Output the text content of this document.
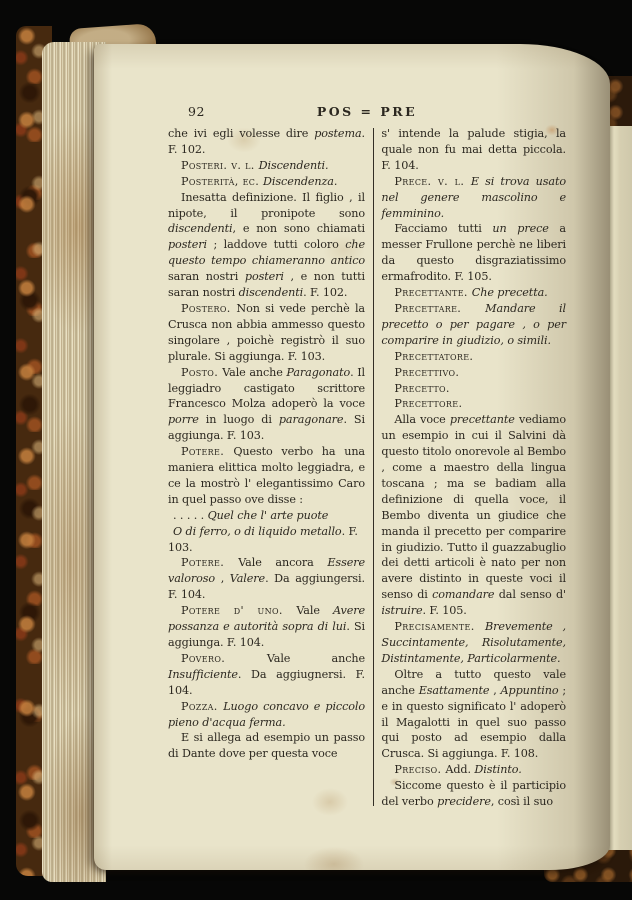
92	POS = PRE

che ivi egli volesse dire postema. F. 102.

Posteri. v. l. Discendenti.

Posterità, ec. Discendenza.

Inesatta definizione. Il figlio , il nipote, il pronipote sono discendenti, e non sono chiamati posteri ; laddove tutti coloro che questo tempo chiameranno antico saran nostri posteri , e non tutti saran nostri discendenti. F. 102.

Postero. Non si vede perchè la Crusca non abbia ammesso questo singolare , poichè registrò il suo plurale. Si aggiunga. F. 103.

Posto. Vale anche Paragonato. Il leggiadro castigato scrittore Francesco Molza adoperò la voce porre in luogo di paragonare. Si aggiunga. F. 103.

Potere. Questo verbo ha una maniera elittica molto leggiadra, e ce la mostrò l' elegantissimo Caro in quel passo ove disse :

. . . . . Quel che l' arte puote

O di ferro, o di liquido metallo. F. 103.

Potere. Vale ancora Essere valoroso , Valere. Da aggiungersi. F. 104.

Potere d' uno. Vale Avere possanza e autorità sopra di lui. Si aggiunga. F. 104.

Povero. Vale anche Insufficiente. Da aggiugnersi. F. 104.

Pozza. Luogo concavo e piccolo pieno d'acqua ferma.

E si allega ad esempio un passo di Dante dove per questa voce

s' intende la palude stigia, la quale non fu mai detta piccola. F. 104.

Prece. v. l. E si trova usato nel genere mascolino e femminino.

Facciamo tutti un prece a messer Frullone perchè ne liberi da questo disgraziatissimo ermafrodito. F. 105.

Precettante. Che precetta.

Precettare. Mandare il precetto o per pagare , o per comparire in giudizio, o simili.

Precettatore.

Precettivo.

Precetto.

Precettore.

Alla voce precettante vediamo un esempio in cui il Salvini dà questo titolo onorevole al Bembo , come a maestro della lingua toscana ; ma se badiam alla definizione di quella voce, il Bembo diventa un giudice che manda il precetto per comparire in giudizio. Tutto il guazzabuglio dei detti articoli è nato per non avere distinto in queste voci il senso di comandare dal senso d' istruire. F. 105.

Precisamente. Brevemente , Succintamente, Risolutamente, Distintamente, Particolarmente.

Oltre a tutto questo vale anche Esattamente , Appuntino ; e in questo significato l' adoperò il Magalotti in quel suo passo qui posto ad esempio dalla Crusca. Si aggiunga. F. 108.

Preciso. Add. Distinto.

Siccome questo è il participio del verbo precidere, così il suo
